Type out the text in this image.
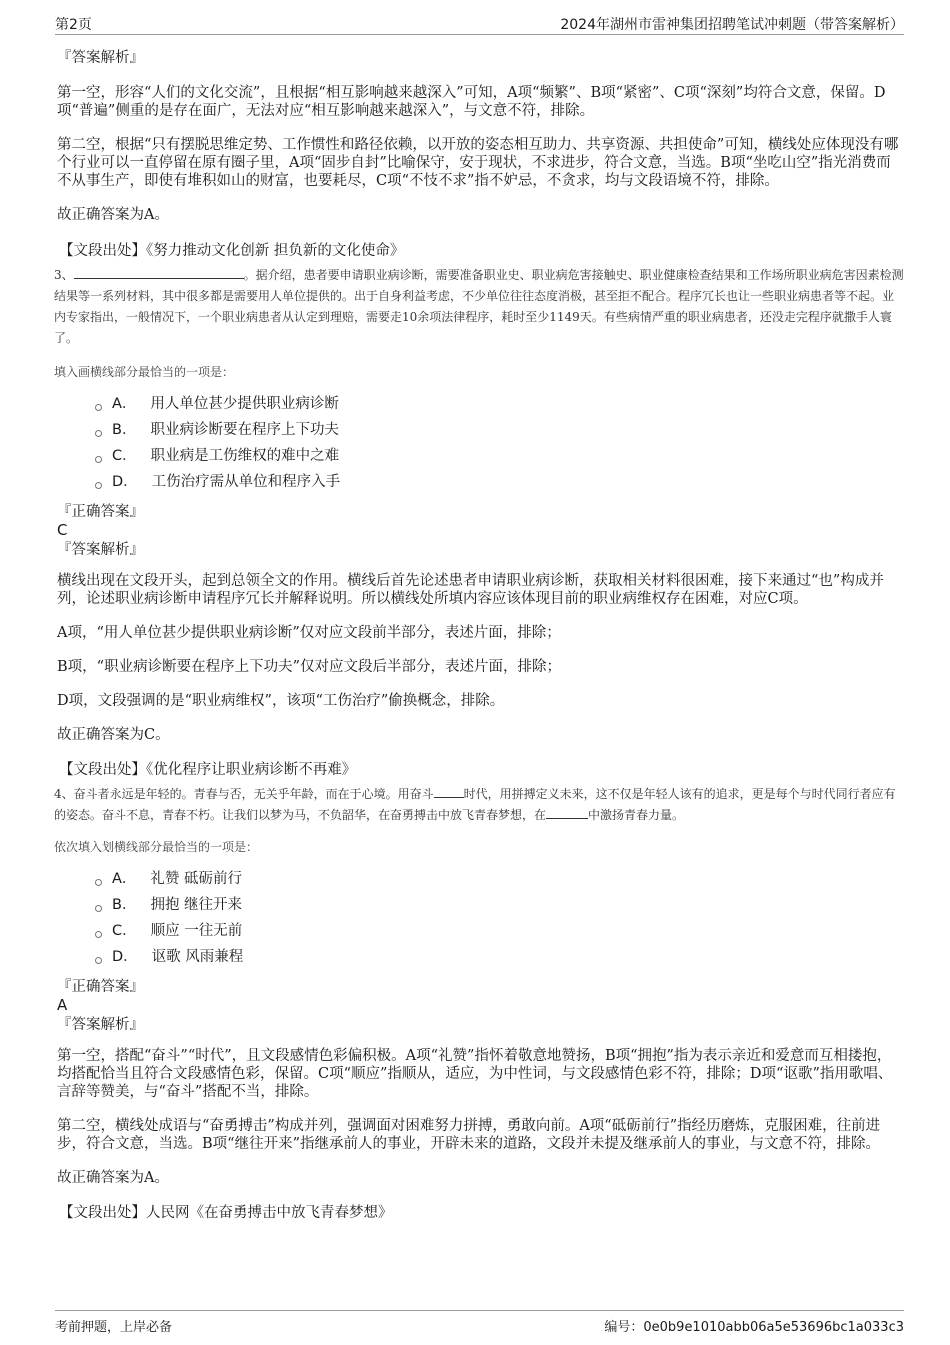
第2页	2024年湖州市雷神集团招聘笔试冲刺题（带答案解析）

『答案解析』

第一空，形容“人们的文化交流”，且根据“相互影响越来越深入”可知，A项“频繁”、B项“紧密”、C项“深刻”均符合文意，保留。D项“普遍”侧重的是存在面广，无法对应“相互影响越来越深入”，与文意不符，排除。

第二空，根据“只有摆脱思维定势、工作惯性和路径依赖，以开放的姿态相互助力、共享资源、共担使命”可知，横线处应体现没有哪个行业可以一直停留在原有圈子里，A项“固步自封”比喻保守，安于现状，不求进步，符合文意，当选。B项“坐吃山空”指光消费而不从事生产，即使有堆积如山的财富，也要耗尽，C项“不忮不求”指不妒忌，不贪求，均与文段语境不符，排除。

故正确答案为A。

【文段出处】《努力推动文化创新 担负新的文化使命》

3、	。据介绍，患者要申请职业病诊断，需要准备职业史、职业病危害接触史、职业健康检查结果和工作场所职业病危害因素检测结果等一系列材料，其中很多都是需要用人单位提供的。出于自身利益考虑，不少单位往往态度消极，甚至拒不配合。程序冗长也让一些职业病患者等不起。业内专家指出，一般情况下，一个职业病患者从认定到理赔，需要走10余项法律程序，耗时至少1149天。有些病情严重的职业病患者，还没走完程序就撒手人寰了。

填入画横线部分最恰当的一项是：

A． 用人单位甚少提供职业病诊断
B． 职业病诊断要在程序上下功夫
C． 职业病是工伤维权的难中之难
D． 工伤治疗需从单位和程序入手

『正确答案』

C

『答案解析』

横线出现在文段开头，起到总领全文的作用。横线后首先论述患者申请职业病诊断，获取相关材料很困难，接下来通过“也”构成并列，论述职业病诊断申请程序冗长并解释说明。所以横线处所填内容应该体现目前的职业病维权存在困难，对应C项。

A项，“用人单位甚少提供职业病诊断”仅对应文段前半部分，表述片面，排除；

B项，“职业病诊断要在程序上下功夫”仅对应文段后半部分，表述片面，排除；

D项，文段强调的是“职业病维权”，该项“工伤治疗”偷换概念，排除。

故正确答案为C。

【文段出处】《优化程序让职业病诊断不再难》

4、奋斗者永远是年轻的。青春与否，无关乎年龄，而在于心境。用奋斗	时代，用拼搏定义未来，这不仅是年轻人该有的追求，更是每个与时代同行者应有的姿态。奋斗不息，青春不朽。让我们以梦为马，不负韶华，在奋勇搏击中放飞青春梦想，在	中激扬青春力量。

依次填入划横线部分最恰当的一项是：

A． 礼赞 砥砺前行
B． 拥抱 继往开来
C． 顺应 一往无前
D． 讴歌 风雨兼程

『正确答案』

A

『答案解析』

第一空，搭配“奋斗”“时代”，且文段感情色彩偏积极。A项“礼赞”指怀着敬意地赞扬，B项“拥抱”指为表示亲近和爱意而互相搂抱，均搭配恰当且符合文段感情色彩，保留。C项“顺应”指顺从，适应，为中性词，与文段感情色彩不符，排除；D项“讴歌”指用歌唱、言辞等赞美，与“奋斗”搭配不当，排除。

第二空，横线处成语与“奋勇搏击”构成并列，强调面对困难努力拼搏，勇敢向前。A项“砥砺前行”指经历磨炼，克服困难，往前进步，符合文意，当选。B项“继往开来”指继承前人的事业，开辟未来的道路，文段并未提及继承前人的事业，与文意不符，排除。

故正确答案为A。

【文段出处】人民网《在奋勇搏击中放飞青春梦想》

考前押题，上岸必备	编号：0e0b9e1010abb06a5e53696bc1a033c3
